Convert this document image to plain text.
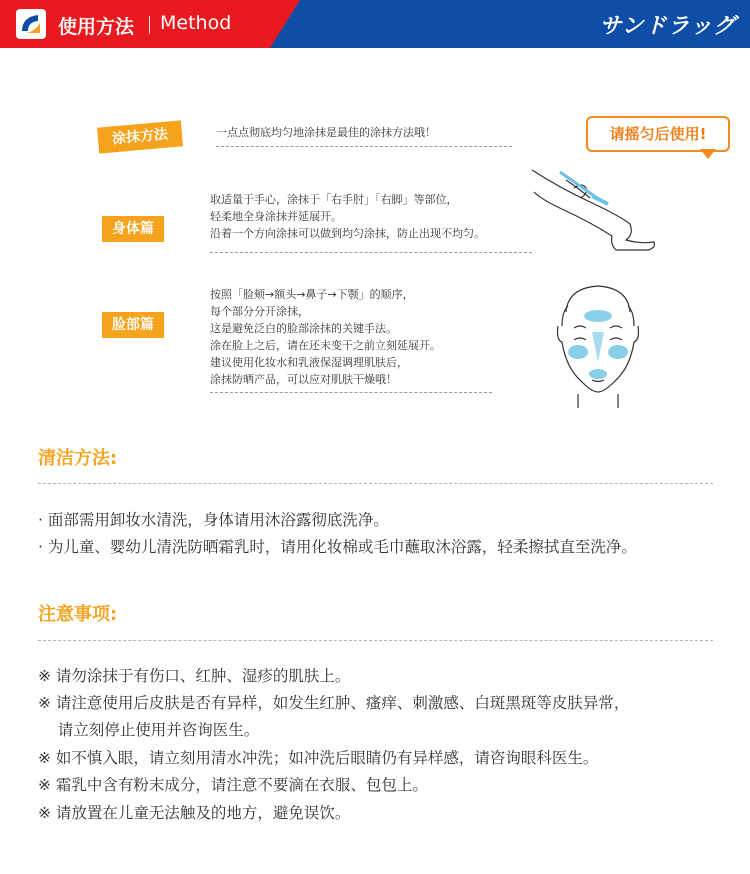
使用方法 Method	サンドラッグ
涂抹方法	一点点彻底均匀地涂抹是最佳的涂抹方法哦！	请摇匀后使用!
身体篇
取适量于手心，涂抹于「右手肘」「右脚」等部位，
轻柔地全身涂抹并延展开。
沿着一个方向涂抹可以做到均匀涂抹，防止出现不均匀。
脸部篇
按照「脸颊→额头→鼻子→下颚」的顺序，
每个部分分开涂抹，
这是避免泛白的脸部涂抹的关键手法。
涂在脸上之后，请在还未变干之前立刻延展开。
建议使用化妆水和乳液保湿调理肌肤后，
涂抹防晒产品，可以应对肌肤干燥哦！
清洁方法:
· 面部需用卸妆水清洗，身体请用沐浴露彻底洗净。
· 为儿童、婴幼儿清洗防晒霜乳时，请用化妆棉或毛巾蘸取沐浴露，轻柔擦拭直至洗净。
注意事项:
※ 请勿涂抹于有伤口、红肿、湿疹的肌肤上。
※ 请注意使用后皮肤是否有异样，如发生红肿、瘙痒、刺激感、白斑黑斑等皮肤异常，
请立刻停止使用并咨询医生。
※ 如不慎入眼，请立刻用清水冲洗；如冲洗后眼睛仍有异样感，请咨询眼科医生。
※ 霜乳中含有粉末成分，请注意不要滴在衣服、包包上。
※ 请放置在儿童无法触及的地方，避免误饮。
